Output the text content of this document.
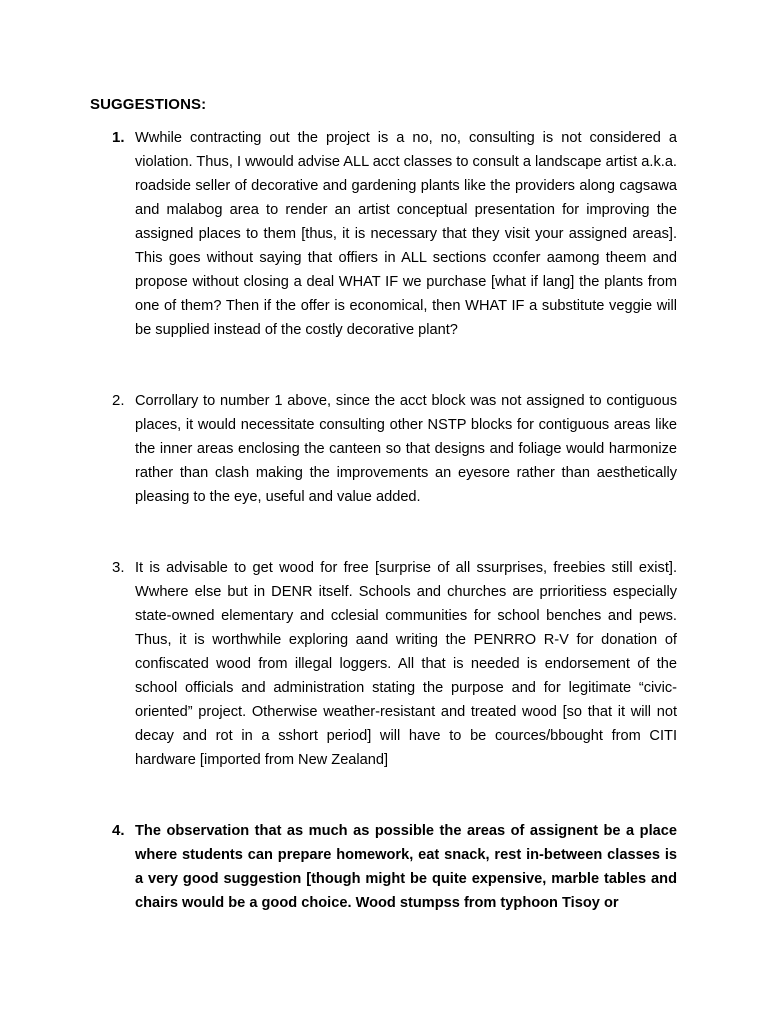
SUGGESTIONS:
1. Wwhile contracting out the project is a no, no, consulting is not considered a violation. Thus, I wwould advise ALL acct classes to consult a landscape artist a.k.a. roadside seller of decorative and gardening plants like the providers along cagsawa and malabog area to render an artist conceptual presentation for improving the assigned places to them [thus, it is necessary that they visit your assigned areas]. This goes without saying that offiers in ALL sections cconfer aamong theem and propose without closing a deal WHAT IF we purchase [what if lang] the plants from one of them? Then if the offer is economical, then WHAT IF a substitute veggie will be supplied instead of the costly decorative plant?
2. Corrollary to number 1 above, since the acct block was not assigned to contiguous places, it would necessitate consulting other NSTP blocks for contiguous areas like the inner areas enclosing the canteen so that designs and foliage would harmonize rather than clash making the improvements an eyesore rather than aesthetically pleasing to the eye, useful and value added.
3. It is advisable to get wood for free [surprise of all ssurprises, freebies still exist]. Wwhere else but in DENR itself. Schools and churches are prrioritiess especially state-owned elementary and cclesial communities for school benches and pews. Thus, it is worthwhile exploring aand writing the PENRRO R-V for donation of confiscated wood from illegal loggers. All that is needed is endorsement of the school officials and administration stating the purpose and for legitimate “civic-oriented” project. Otherwise weather-resistant and treated wood [so that it will not decay and rot in a sshort period] will have to be cources/bbought from CITI hardware [imported from New Zealand]
4. The observation that as much as possible the areas of assignent be a place where students can prepare homework, eat snack, rest in-between classes is a very good suggestion [though might be quite expensive, marble tables and chairs would be a good choice. Wood stumpss from typhoon Tisoy or
